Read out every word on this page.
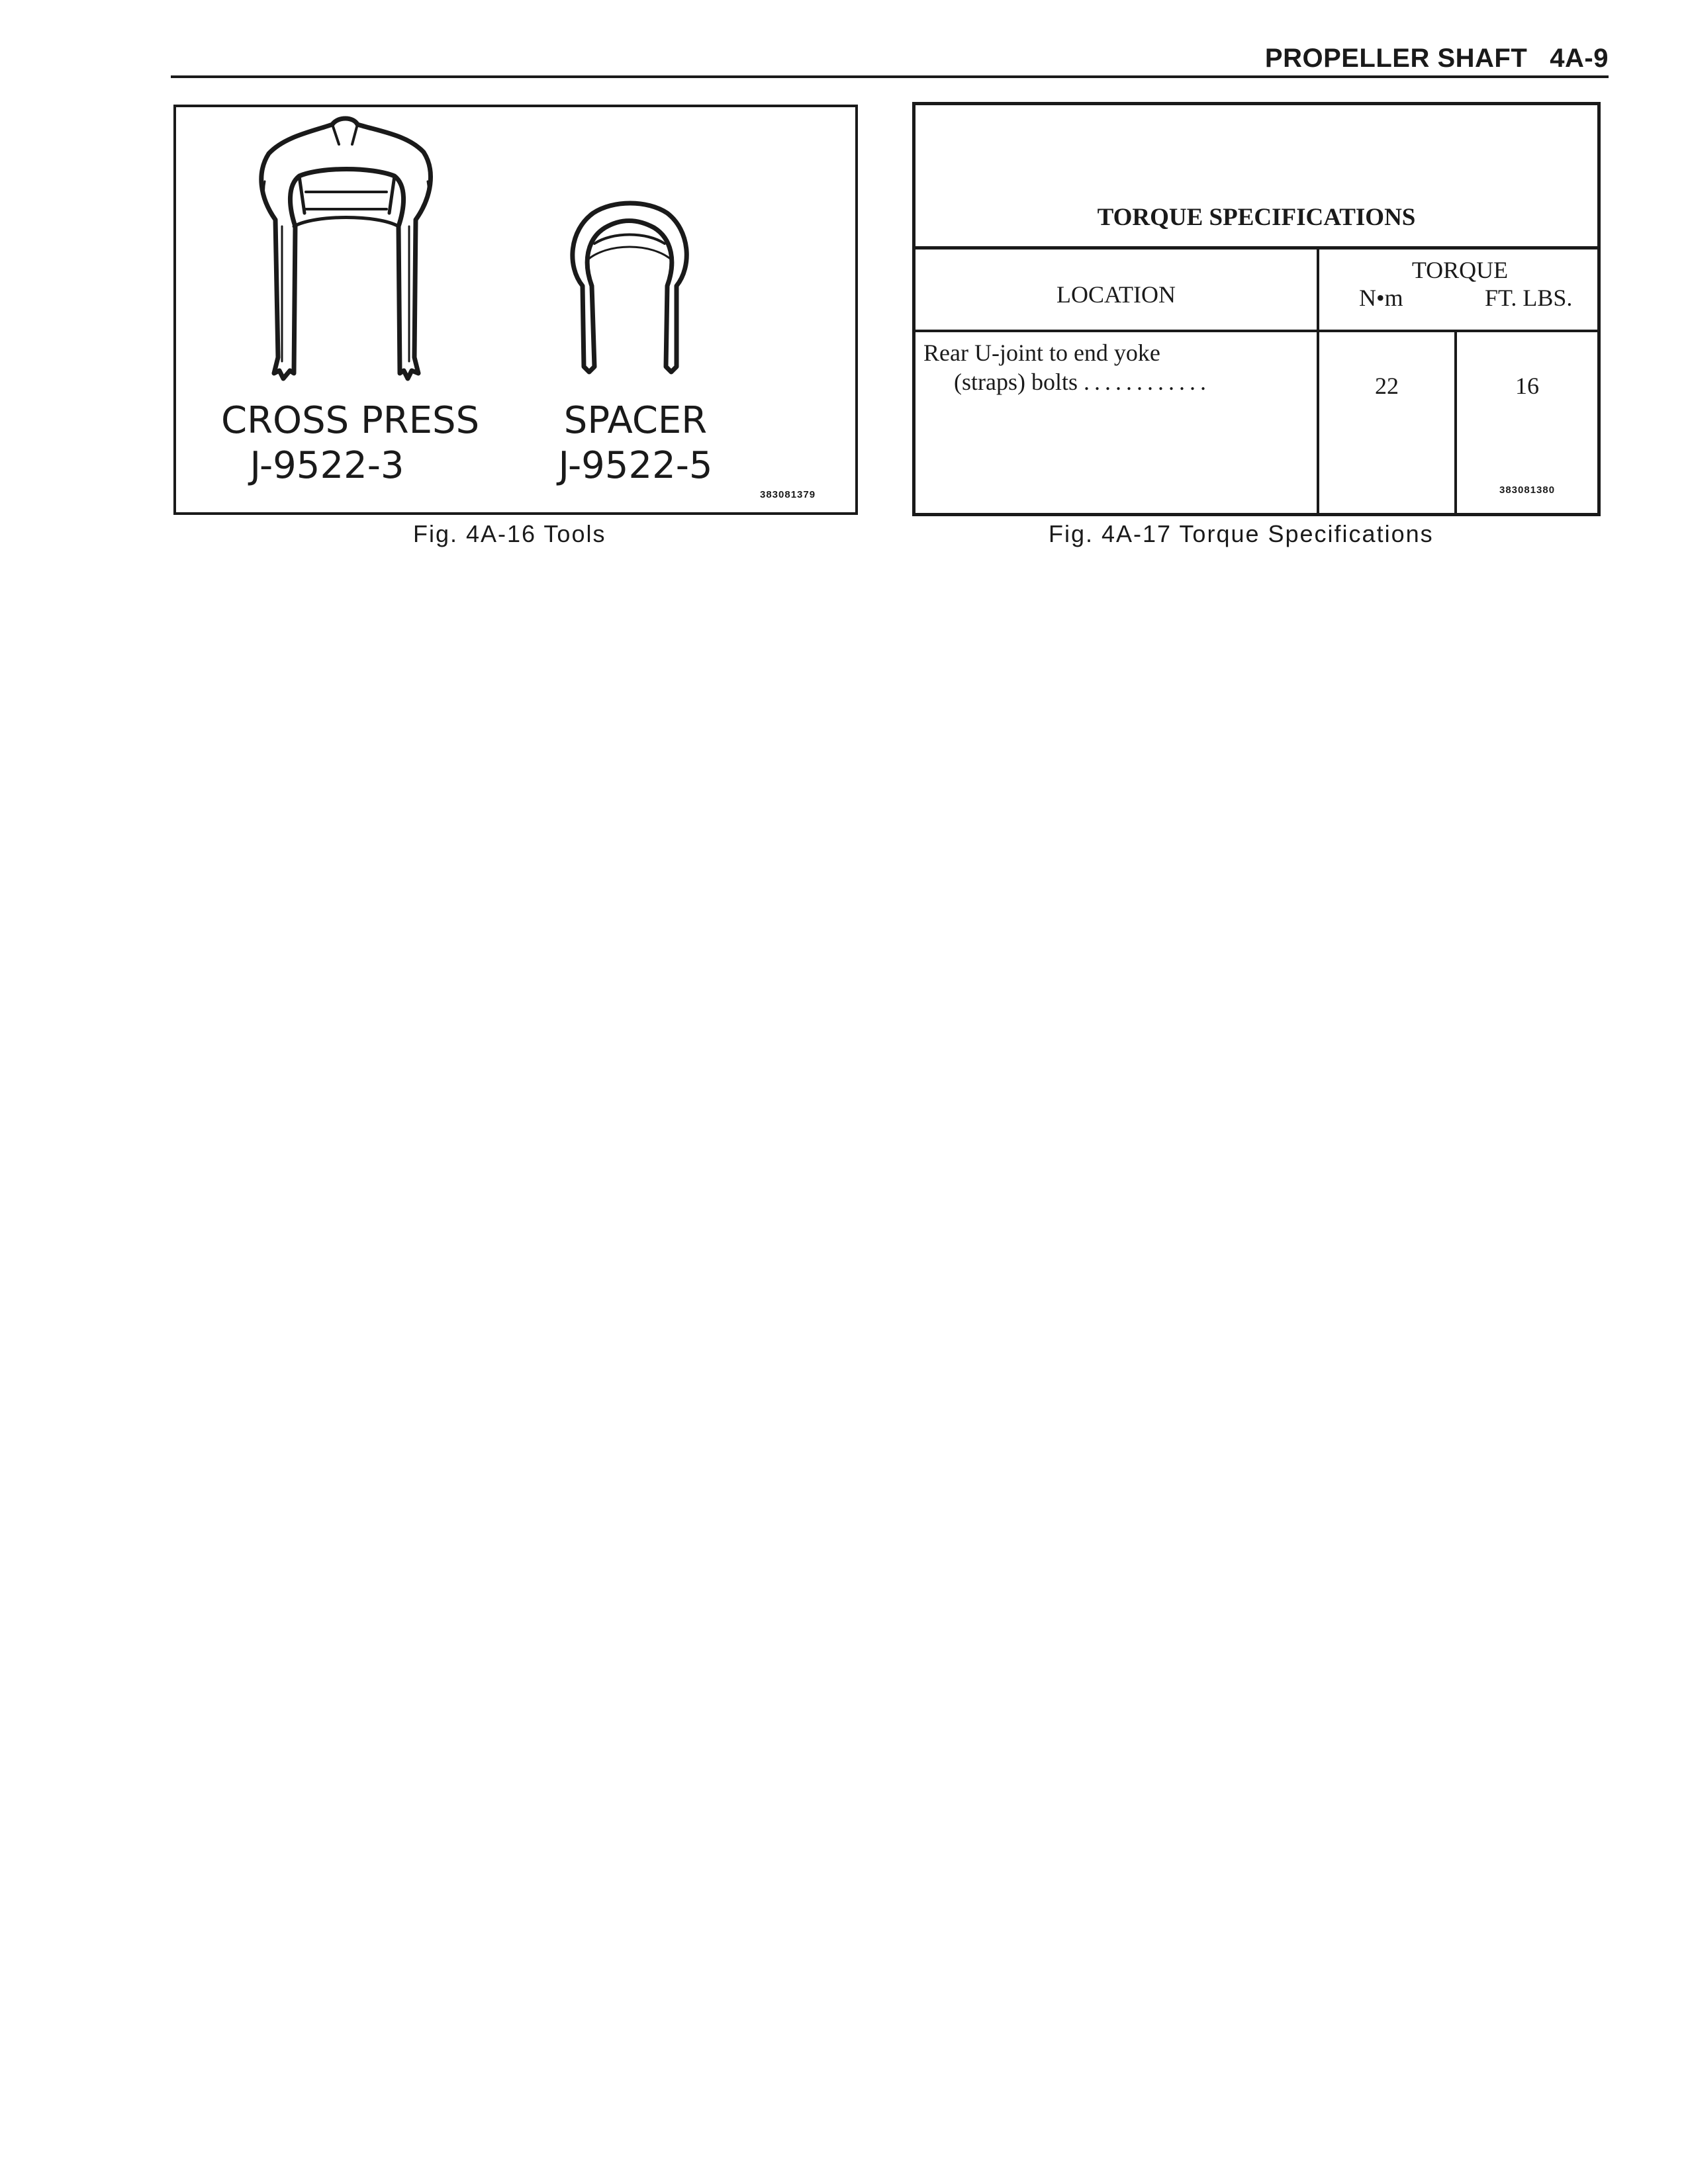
PROPELLER SHAFT 4A-9
CROSS PRESS
J-9522-3
SPACER
J-9522-5
383081379
Fig. 4A-16 Tools
TORQUE SPECIFICATIONS
LOCATION
TORQUE
N•m	FT. LBS.
Rear U-joint to end yoke
(straps) bolts ............	22	16
383081380
Fig. 4A-17 Torque Specifications
